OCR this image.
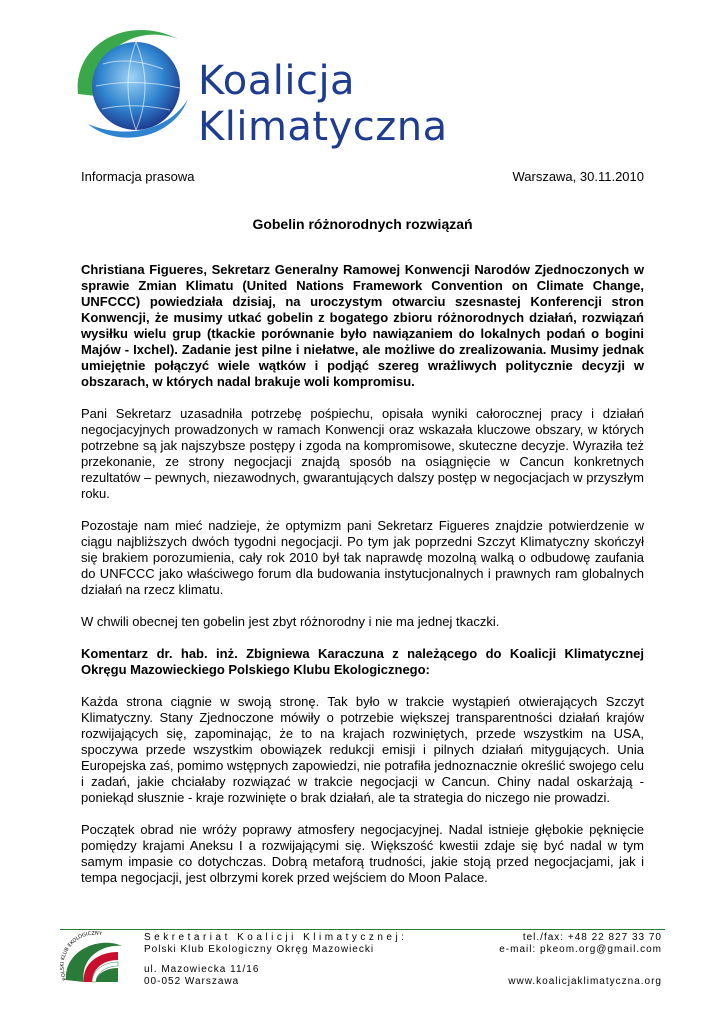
Koalicja Klimatyczna
Informacja prasowa	Warszawa, 30.11.2010
Gobelin różnorodnych rozwiązań

Christiana Figueres, Sekretarz Generalny Ramowej Konwencji Narodów Zjednoczonych w sprawie Zmian Klimatu (United Nations Framework Convention on Climate Change, UNFCCC) powiedziała dzisiaj, na uroczystym otwarciu szesnastej Konferencji stron Konwencji, że musimy utkać gobelin z bogatego zbioru różnorodnych działań, rozwiązań wysiłku wielu grup (tkackie porównanie było nawiązaniem do lokalnych podań o bogini Majów - Ixchel). Zadanie jest pilne i niełatwe, ale możliwe do zrealizowania. Musimy jednak umiejętnie połączyć wiele wątków i podjąć szereg wrażliwych politycznie decyzji w obszarach, w których nadal brakuje woli kompromisu.

Pani Sekretarz uzasadniła potrzebę pośpiechu, opisała wyniki całorocznej pracy i działań negocjacyjnych prowadzonych w ramach Konwencji oraz wskazała kluczowe obszary, w których potrzebne są jak najszybsze postępy i zgoda na kompromisowe, skuteczne decyzje. Wyraziła też przekonanie, ze strony negocjacji znajdą sposób na osiągnięcie w Cancun konkretnych rezultatów – pewnych, niezawodnych, gwarantujących dalszy postęp w negocjacjach w przyszłym roku.

Pozostaje nam mieć nadzieje, że optymizm pani Sekretarz Figueres znajdzie potwierdzenie w ciągu najbliższych dwóch tygodni negocjacji. Po tym jak poprzedni Szczyt Klimatyczny skończył się brakiem porozumienia, cały rok 2010 był tak naprawdę mozolną walką o odbudowę zaufania do UNFCCC jako właściwego forum dla budowania instytucjonalnych i prawnych ram globalnych działań na rzecz klimatu.

W chwili obecnej ten gobelin jest zbyt różnorodny i nie ma jednej tkaczki.

Komentarz dr. hab. inż. Zbigniewa Karaczuna z należącego do Koalicji Klimatycznej Okręgu Mazowieckiego Polskiego Klubu Ekologicznego:

Każda strona ciągnie w swoją stronę. Tak było w trakcie wystąpień otwierających Szczyt Klimatyczny. Stany Zjednoczone mówiły o potrzebie większej transparentności działań krajów rozwijających się, zapominając, że to na krajach rozwiniętych, przede wszystkim na USA, spoczywa przede wszystkim obowiązek redukcji emisji i pilnych działań mitygujących. Unia Europejska zaś, pomimo wstępnych zapowiedzi, nie potrafiła jednoznacznie określić swojego celu i zadań, jakie chciałaby rozwiązać w trakcie negocjacji w Cancun. Chiny nadal oskarżają - poniekąd słusznie - kraje rozwinięte o brak działań, ale ta strategia do niczego nie prowadzi.

Początek obrad nie wróży poprawy atmosfery negocjacyjnej. Nadal istnieje głębokie pęknięcie pomiędzy krajami Aneksu I a rozwijającymi się. Większość kwestii zdaje się być nadal w tym samym impasie co dotychczas. Dobrą metaforą trudności, jakie stoją przed negocjacjami, jak i tempa negocjacji, jest olbrzymi korek przed wejściem do Moon Palace.

POLSKI KLUB EKOLOGICZNY	Sekretariat Koalicji Klimatycznej:
Polski Klub Ekologiczny Okręg Mazowiecki
ul. Mazowiecka 11/16
00-052 Warszawa
tel./fax: +48 22 827 33 70
e-mail: pkeom.org@gmail.com
www.koalicjaklimatyczna.org
